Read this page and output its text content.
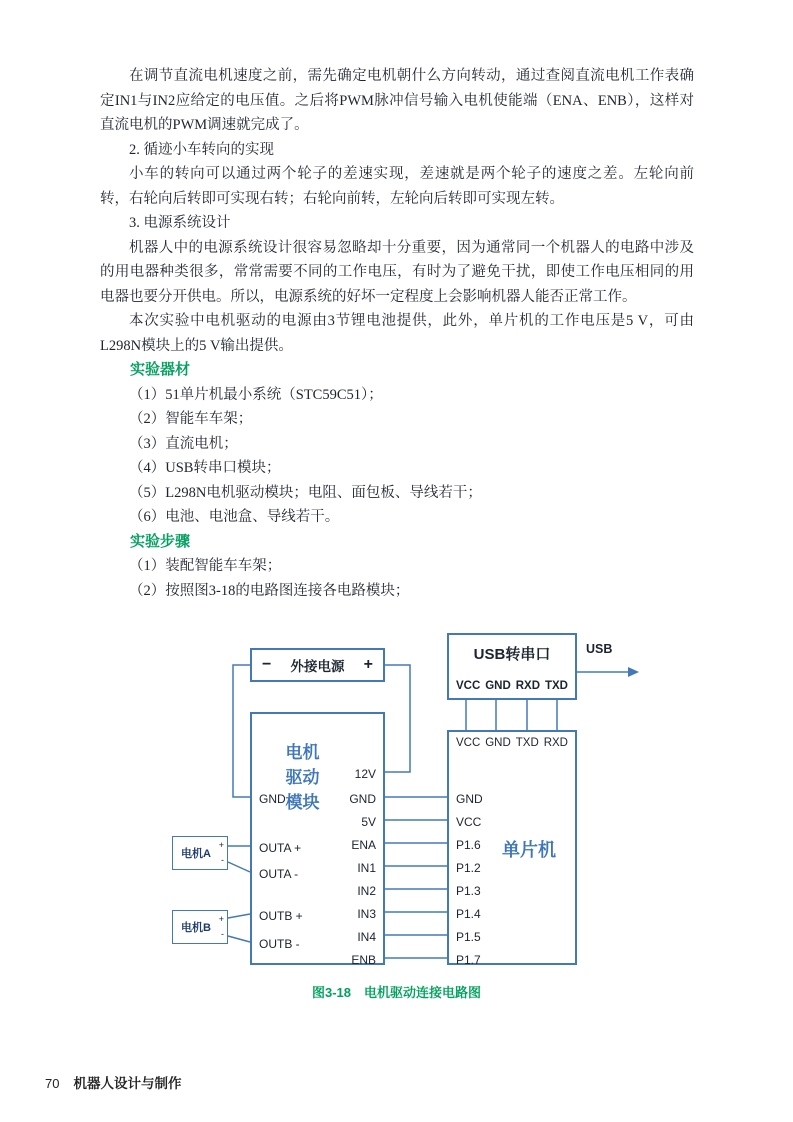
在调节直流电机速度之前，需先确定电机朝什么方向转动，通过查阅直流电机工作表确定IN1与IN2应给定的电压值。之后将PWM脉冲信号输入电机使能端（ENA、ENB），这样对直流电机的PWM调速就完成了。

2. 循迹小车转向的实现

小车的转向可以通过两个轮子的差速实现，差速就是两个轮子的速度之差。左轮向前转，右轮向后转即可实现右转；右轮向前转，左轮向后转即可实现左转。

3. 电源系统设计

机器人中的电源系统设计很容易忽略却十分重要，因为通常同一个机器人的电路中涉及的用电器种类很多，常常需要不同的工作电压，有时为了避免干扰，即使工作电压相同的用电器也要分开供电。所以，电源系统的好坏一定程度上会影响机器人能否正常工作。

本次实验中电机驱动的电源由3节锂电池提供，此外，单片机的工作电压是5 V，可由L298N模块上的5 V输出提供。

实验器材

（1）51单片机最小系统（STC59C51）；

（2）智能车车架；

（3）直流电机；

（4）USB转串口模块；

（5）L298N电机驱动模块；电阻、面包板、导线若干；

（6）电池、电池盒、导线若干。

实验步骤

（1）装配智能车车架；

（2）按照图3-18的电路图连接各电路模块；

− 外接电源 +
USB转串口
VCC GND RXD TXD
USB
电机
驱动
模块
GND
OUTA +
OUTA -
OUTB +
OUTB -
12V
GND
5V
ENA
IN1
IN2
IN3
IN4
ENB
VCC GND TXD RXD
单片机
GND
VCC
P1.6
P1.2
P1.3
P1.4
P1.5
P1.7
电机A
+
-
电机B
+
-
图3-18　电机驱动连接电路图
70 机器人设计与制作
